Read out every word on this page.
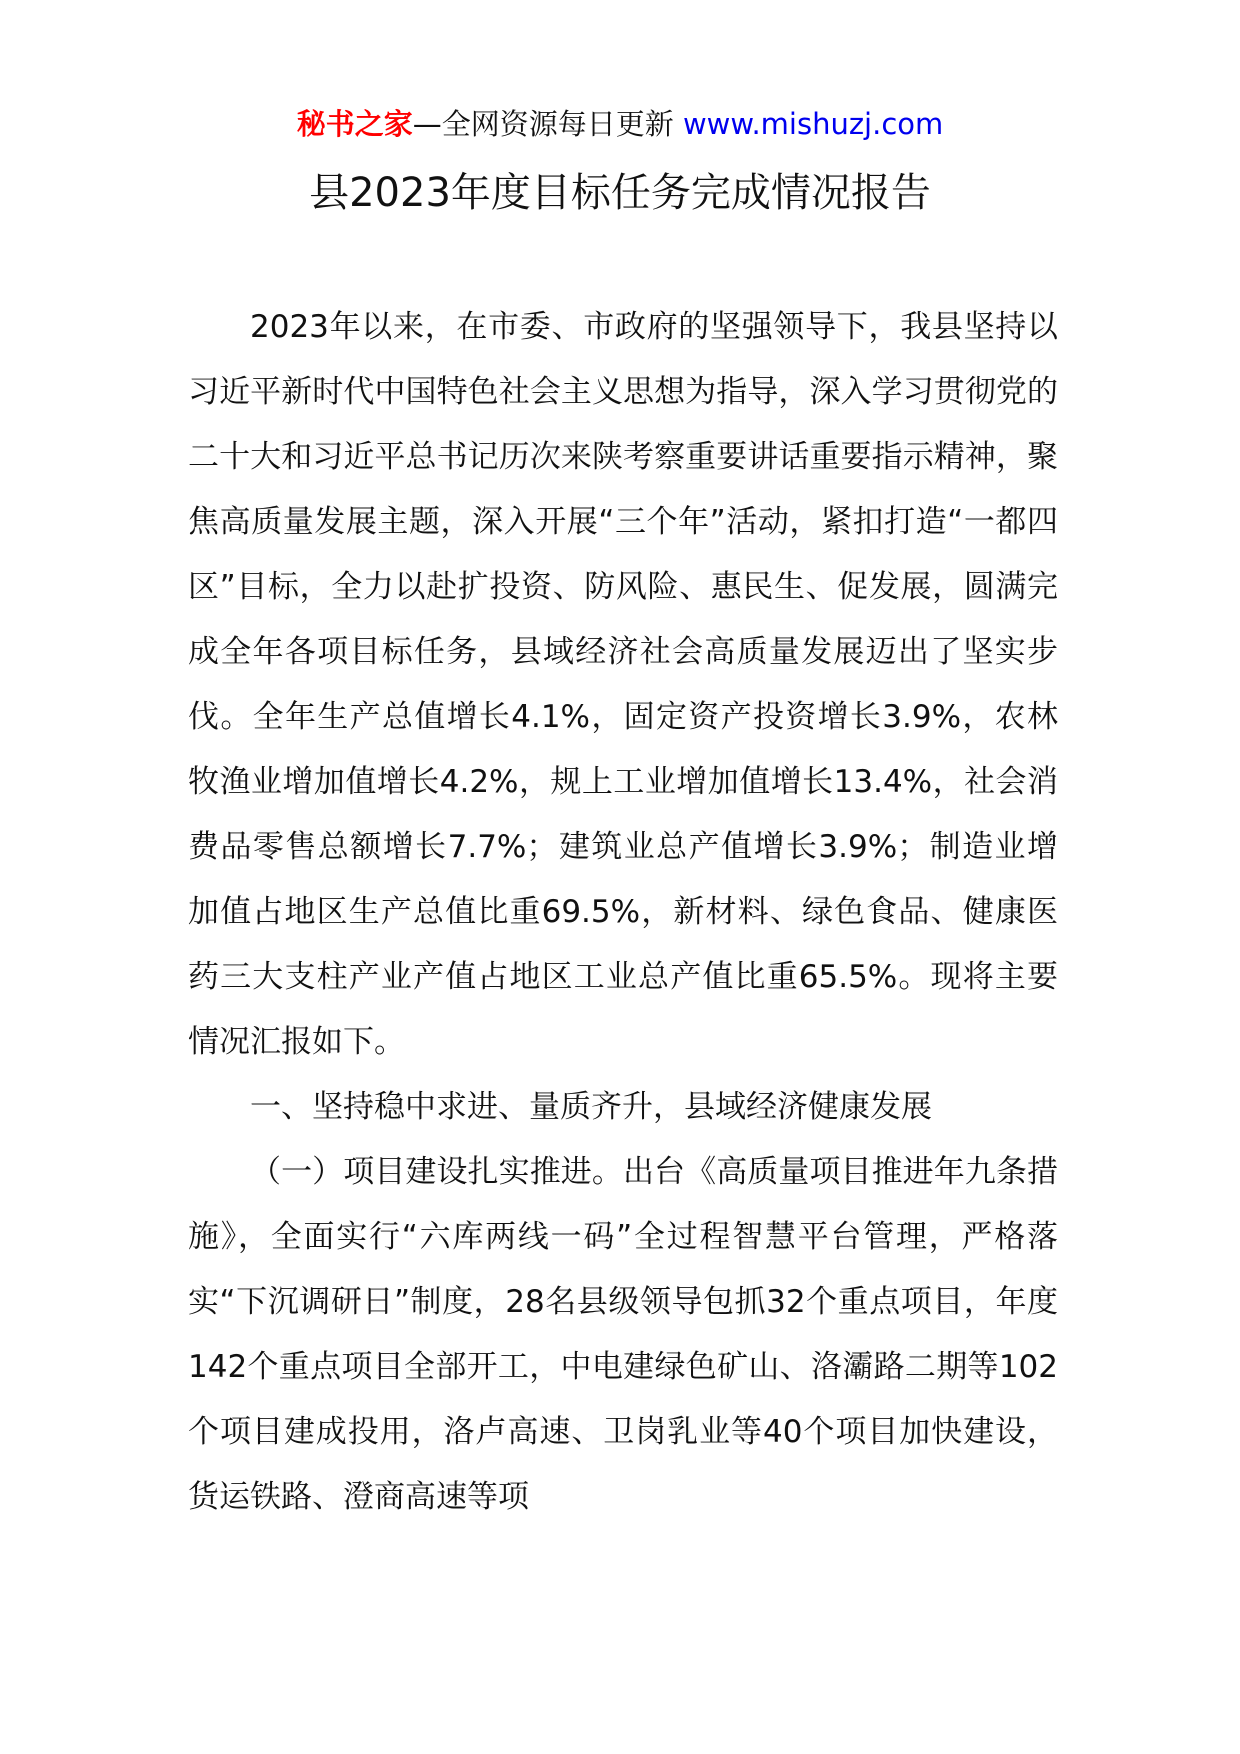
秘书之家—全网资源每日更新 www.mishuzj.com
县2023年度目标任务完成情况报告

2023年以来，在市委、市政府的坚强领导下，我县坚持以习近平新时代中国特色社会主义思想为指导，深入学习贯彻党的二十大和习近平总书记历次来陕考察重要讲话重要指示精神，聚焦高质量发展主题，深入开展“三个年”活动，紧扣打造“一都四区”目标，全力以赴扩投资、防风险、惠民生、促发展，圆满完成全年各项目标任务，县域经济社会高质量发展迈出了坚实步伐。全年生产总值增长4.1%，固定资产投资增长3.9%，农林牧渔业增加值增长4.2%，规上工业增加值增长13.4%，社会消费品零售总额增长7.7%；建筑业总产值增长3.9%；制造业增加值占地区生产总值比重69.5%，新材料、绿色食品、健康医药三大支柱产业产值占地区工业总产值比重65.5%。现将主要情况汇报如下。

一、坚持稳中求进、量质齐升，县域经济健康发展

（一）项目建设扎实推进。出台《高质量项目推进年九条措施》，全面实行“六库两线一码”全过程智慧平台管理，严格落实“下沉调研日”制度，28名县级领导包抓32个重点项目，年度142个重点项目全部开工，中电建绿色矿山、洛灞路二期等102个项目建成投用，洛卢高速、卫岗乳业等40个项目加快建设，货运铁路、澄商高速等项
